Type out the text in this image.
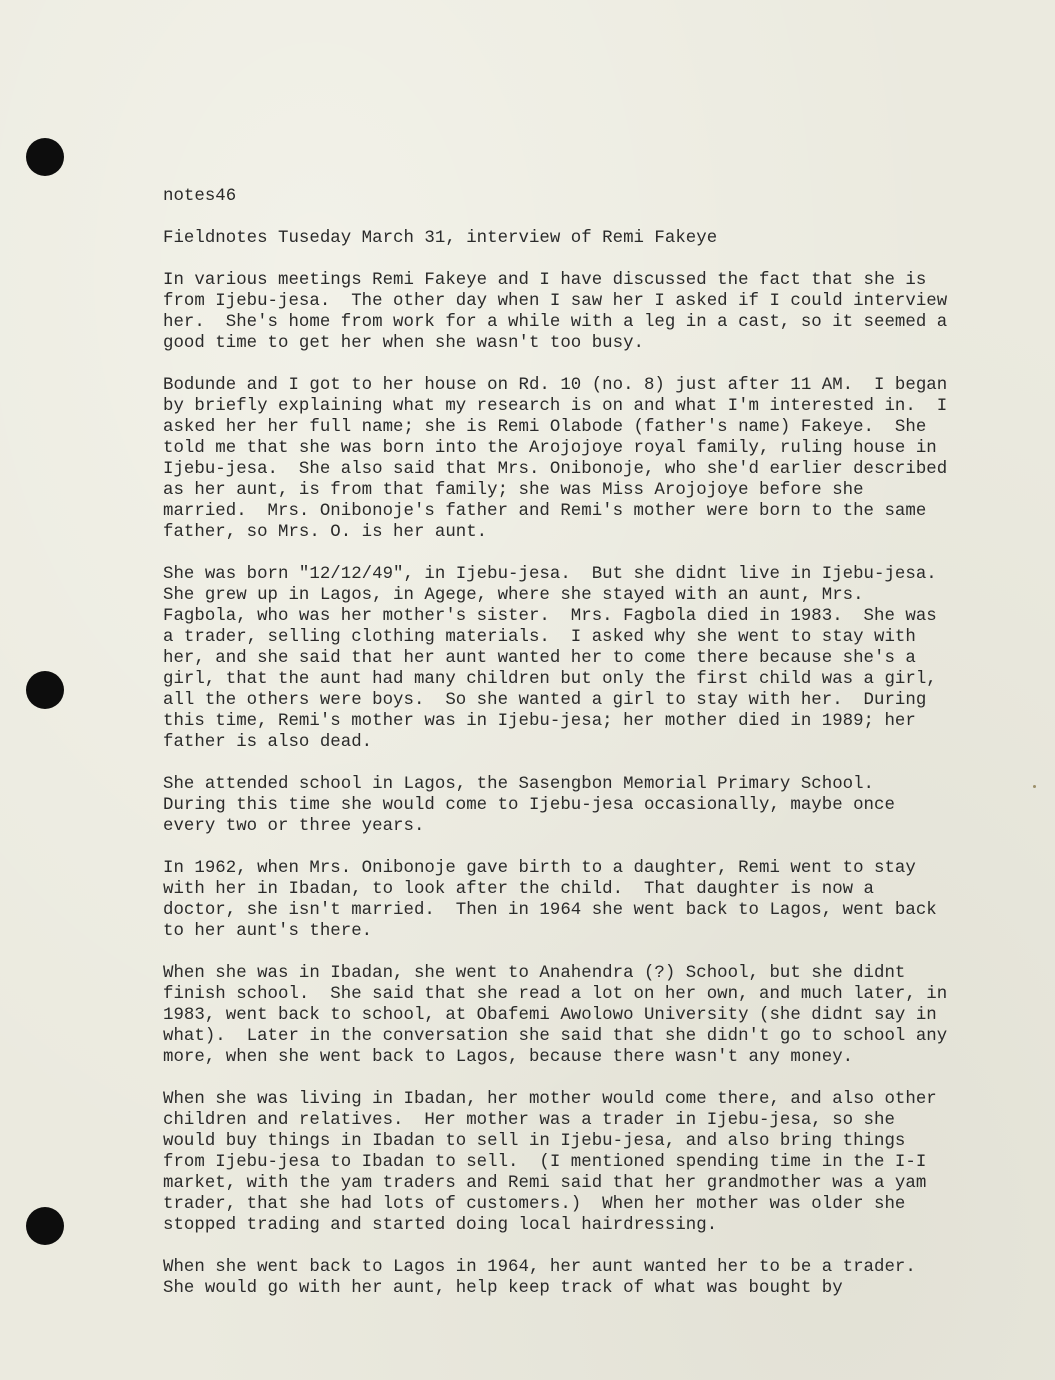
notes46
Fieldnotes Tuseday March 31, interview of Remi Fakeye
In various meetings Remi Fakeye and I have discussed the fact that she is
from Ijebu-jesa.  The other day when I saw her I asked if I could interview
her.  She's home from work for a while with a leg in a cast, so it seemed a
good time to get her when she wasn't too busy.
Bodunde and I got to her house on Rd. 10 (no. 8) just after 11 AM.  I began
by briefly explaining what my research is on and what I'm interested in.  I
asked her her full name; she is Remi Olabode (father's name) Fakeye.  She
told me that she was born into the Arojojoye royal family, ruling house in
Ijebu-jesa.  She also said that Mrs. Onibonoje, who she'd earlier described
as her aunt, is from that family; she was Miss Arojojoye before she
married.  Mrs. Onibonoje's father and Remi's mother were born to the same
father, so Mrs. O. is her aunt.
She was born "12/12/49", in Ijebu-jesa.  But she didnt live in Ijebu-jesa.
She grew up in Lagos, in Agege, where she stayed with an aunt, Mrs.
Fagbola, who was her mother's sister.  Mrs. Fagbola died in 1983.  She was
a trader, selling clothing materials.  I asked why she went to stay with
her, and she said that her aunt wanted her to come there because she's a
girl, that the aunt had many children but only the first child was a girl,
all the others were boys.  So she wanted a girl to stay with her.  During
this time, Remi's mother was in Ijebu-jesa; her mother died in 1989; her
father is also dead.
She attended school in Lagos, the Sasengbon Memorial Primary School.
During this time she would come to Ijebu-jesa occasionally, maybe once
every two or three years.
In 1962, when Mrs. Onibonoje gave birth to a daughter, Remi went to stay
with her in Ibadan, to look after the child.  That daughter is now a
doctor, she isn't married.  Then in 1964 she went back to Lagos, went back
to her aunt's there.
When she was in Ibadan, she went to Anahendra (?) School, but she didnt
finish school.  She said that she read a lot on her own, and much later, in
1983, went back to school, at Obafemi Awolowo University (she didnt say in
what).  Later in the conversation she said that she didn't go to school any
more, when she went back to Lagos, because there wasn't any money.
When she was living in Ibadan, her mother would come there, and also other
children and relatives.  Her mother was a trader in Ijebu-jesa, so she
would buy things in Ibadan to sell in Ijebu-jesa, and also bring things
from Ijebu-jesa to Ibadan to sell.  (I mentioned spending time in the I-I
market, with the yam traders and Remi said that her grandmother was a yam
trader, that she had lots of customers.)  When her mother was older she
stopped trading and started doing local hairdressing.
When she went back to Lagos in 1964, her aunt wanted her to be a trader.
She would go with her aunt, help keep track of what was bought by
